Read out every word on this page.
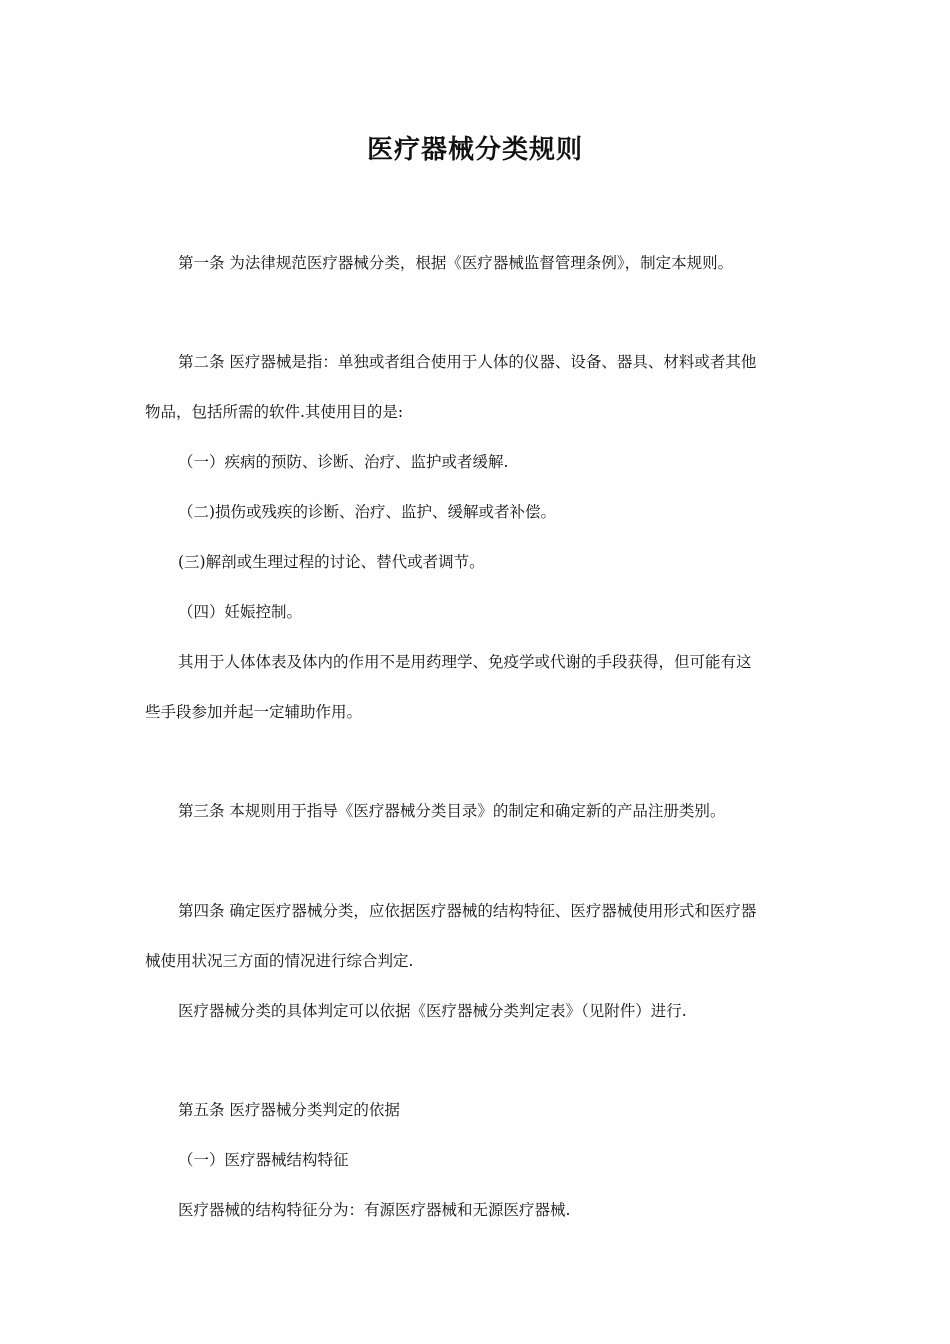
医疗器械分类规则
第一条 为法律规范医疗器械分类，根据《医疗器械监督管理条例》，制定本规则。
第二条 医疗器械是指：单独或者组合使用于人体的仪器、设备、器具、材料或者其他
物品，包括所需的软件.其使用目的是:
（一）疾病的预防、诊断、治疗、监护或者缓解.
（二)损伤或残疾的诊断、治疗、监护、缓解或者补偿。
(三)解剖或生理过程的讨论、替代或者调节。
（四）妊娠控制。
其用于人体体表及体内的作用不是用药理学、免疫学或代谢的手段获得，但可能有这
些手段参加并起一定辅助作用。
第三条 本规则用于指导《医疗器械分类目录》的制定和确定新的产品注册类别。
第四条 确定医疗器械分类，应依据医疗器械的结构特征、医疗器械使用形式和医疗器
械使用状况三方面的情况进行综合判定.
医疗器械分类的具体判定可以依据《医疗器械分类判定表》（见附件）进行.
第五条 医疗器械分类判定的依据
（一）医疗器械结构特征
医疗器械的结构特征分为：有源医疗器械和无源医疗器械.
